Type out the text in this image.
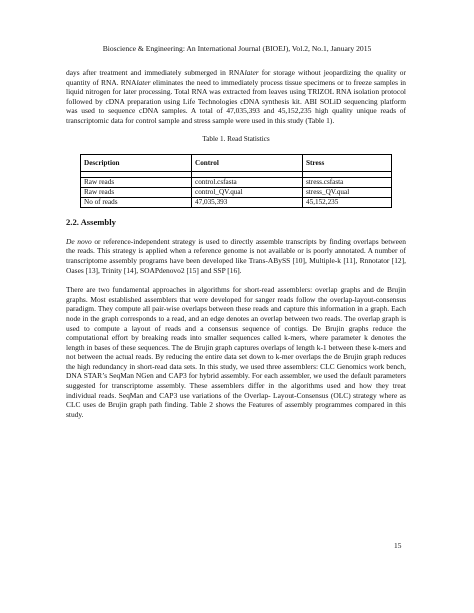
Bioscience & Engineering: An International Journal (BIOEJ), Vol.2, No.1, January 2015

days after treatment and immediately submerged in RNAlater for storage without jeopardizing the quality or quantity of RNA. RNAlater eliminates the need to immediately process tissue specimens or to freeze samples in liquid nitrogen for later processing. Total RNA was extracted from leaves using TRIZOL RNA isolation protocol followed by cDNA preparation using Life Technologies cDNA synthesis kit. ABI SOLiD sequencing platform was used to sequence cDNA samples. A total of 47,035,393 and 45,152,235 high quality unique reads of transcriptomic data for control sample and stress sample were used in this study (Table 1).

Table 1. Read Statistics
Description	Control	Stress

Raw reads	control.csfasta	stress.csfasta
Raw reads	control_QV.qual	stress_QV.qual
No of reads	47,035,393	45,152,235
2.2. Assembly

De novo or reference-independent strategy is used to directly assemble transcripts by finding overlaps between the reads. This strategy is applied when a reference genome is not available or is poorly annotated. A number of transcriptome assembly programs have been developed like Trans-ABySS [10], Multiple-k [11], Rnnotator [12], Oases [13], Trinity [14], SOAPdenovo2 [15] and SSP [16].

There are two fundamental approaches in algorithms for short-read assemblers: overlap graphs and de Brujin graphs. Most established assemblers that were developed for sanger reads follow the overlap-layout-consensus paradigm. They compute all pair-wise overlaps between these reads and capture this information in a graph. Each node in the graph corresponds to a read, and an edge denotes an overlap between two reads. The overlap graph is used to compute a layout of reads and a consensus sequence of contigs. De Brujin graphs reduce the computational effort by breaking reads into smaller sequences called k-mers, where parameter k denotes the length in bases of these sequences. The de Brujin graph captures overlaps of length k-1 between these k-mers and not between the actual reads. By reducing the entire data set down to k-mer overlaps the de Brujin graph reduces the high redundancy in short-read data sets. In this study, we used three assemblers: CLC Genomics work bench, DNA STAR’s SeqMan NGen and CAP3 for hybrid assembly. For each assembler, we used the default parameters suggested for transcriptome assembly. These assemblers differ in the algorithms used and how they treat individual reads. SeqMan and CAP3 use variations of the Overlap- Layout-Consensus (OLC) strategy where as CLC uses de Brujin graph path finding. Table 2 shows the Features of assembly programmes compared in this study.

15
